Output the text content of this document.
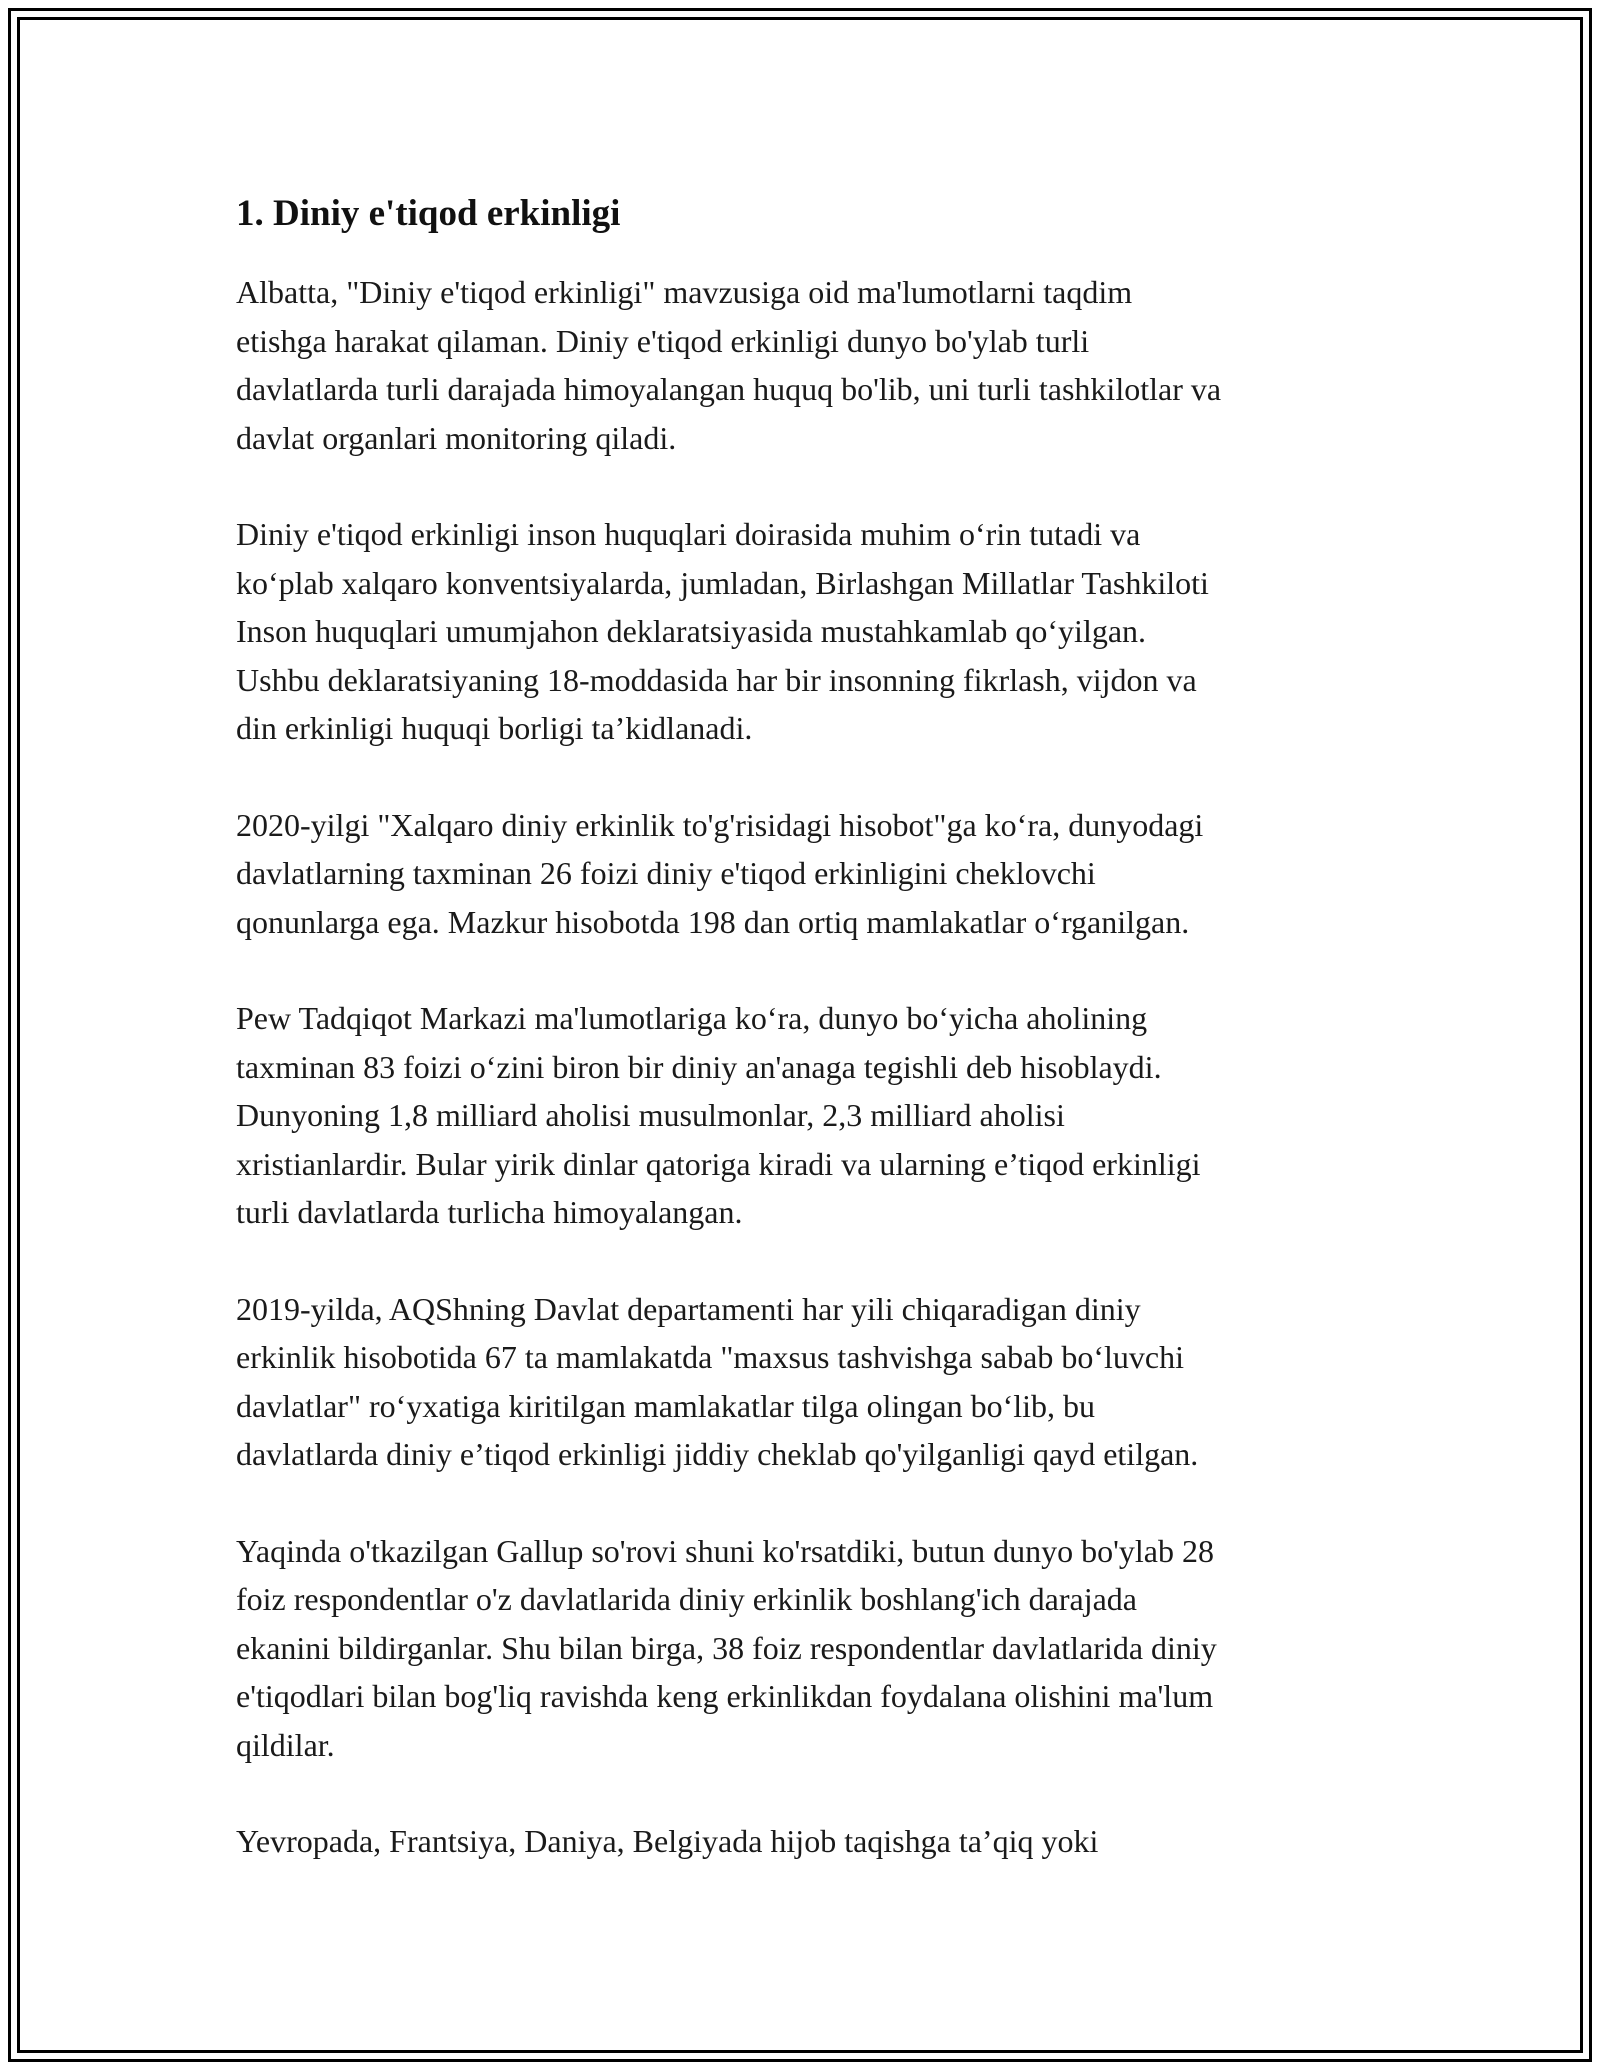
1. Diniy e'tiqod erkinligi

Albatta, "Diniy e'tiqod erkinligi" mavzusiga oid ma'lumotlarni taqdim
etishga harakat qilaman. Diniy e'tiqod erkinligi dunyo bo'ylab turli
davlatlarda turli darajada himoyalangan huquq bo'lib, uni turli tashkilotlar va
davlat organlari monitoring qiladi.

Diniy e'tiqod erkinligi inson huquqlari doirasida muhim o‘rin tutadi va
ko‘plab xalqaro konventsiyalarda, jumladan, Birlashgan Millatlar Tashkiloti
Inson huquqlari umumjahon deklaratsiyasida mustahkamlab qo‘yilgan.
Ushbu deklaratsiyaning 18-moddasida har bir insonning fikrlash, vijdon va
din erkinligi huquqi borligi ta’kidlanadi.

2020-yilgi "Xalqaro diniy erkinlik to'g'risidagi hisobot"ga ko‘ra, dunyodagi
davlatlarning taxminan 26 foizi diniy e'tiqod erkinligini cheklovchi
qonunlarga ega. Mazkur hisobotda 198 dan ortiq mamlakatlar o‘rganilgan.

Pew Tadqiqot Markazi ma'lumotlariga ko‘ra, dunyo bo‘yicha aholining
taxminan 83 foizi o‘zini biron bir diniy an'anaga tegishli deb hisoblaydi.
Dunyoning 1,8 milliard aholisi musulmonlar, 2,3 milliard aholisi
xristianlardir. Bular yirik dinlar qatoriga kiradi va ularning e’tiqod erkinligi
turli davlatlarda turlicha himoyalangan.

2019-yilda, AQShning Davlat departamenti har yili chiqaradigan diniy
erkinlik hisobotida 67 ta mamlakatda "maxsus tashvishga sabab bo‘luvchi
davlatlar" ro‘yxatiga kiritilgan mamlakatlar tilga olingan bo‘lib, bu
davlatlarda diniy e’tiqod erkinligi jiddiy cheklab qo'yilganligi qayd etilgan.

Yaqinda o'tkazilgan Gallup so'rovi shuni ko'rsatdiki, butun dunyo bo'ylab 28
foiz respondentlar o'z davlatlarida diniy erkinlik boshlang'ich darajada
ekanini bildirganlar. Shu bilan birga, 38 foiz respondentlar davlatlarida diniy
e'tiqodlari bilan bog'liq ravishda keng erkinlikdan foydalana olishini ma'lum
qildilar.

Yevropada, Frantsiya, Daniya, Belgiyada hijob taqishga ta’qiq yoki
